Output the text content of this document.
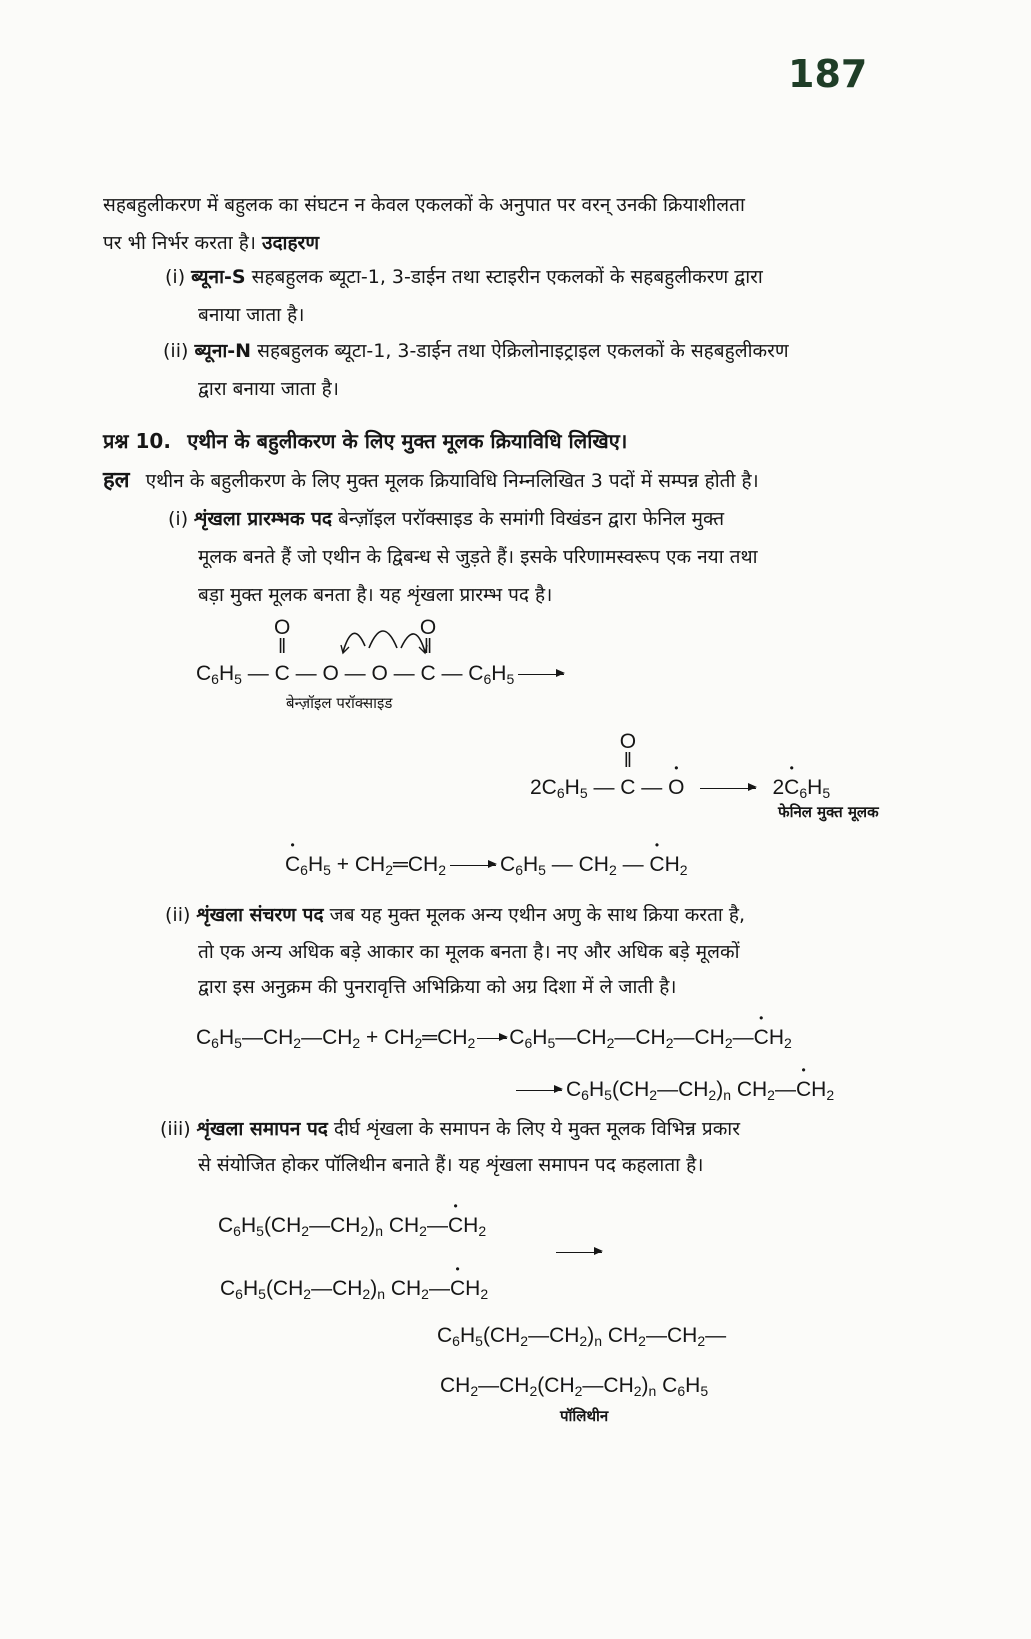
187
सहबहुलीकरण में बहुलक का संघटन न केवल एकलकों के अनुपात पर वरन् उनकी क्रियाशीलता
पर भी निर्भर करता है। उदाहरण
(i) ब्यूना-S सहबहुलक ब्यूटा-1, 3-डाईन तथा स्टाइरीन एकलकों के सहबहुलीकरण द्वारा
बनाया जाता है।
(ii) ब्यूना-N सहबहुलक ब्यूटा-1, 3-डाईन तथा ऐक्रिलोनाइट्राइल एकलकों के सहबहुलीकरण
द्वारा बनाया जाता है।
प्रश्न 10. एथीन के बहुलीकरण के लिए मुक्त मूलक क्रियाविधि लिखिए।
हल एथीन के बहुलीकरण के लिए मुक्त मूलक क्रियाविधि निम्नलिखित 3 पदों में सम्पन्न होती है।
(i) शृंखला प्रारम्भक पद बेन्ज़ॉइल परॉक्साइड के समांगी विखंडन द्वारा फेनिल मुक्त
मूलक बनते हैं जो एथीन के द्विबन्ध से जुड़ते हैं। इसके परिणामस्वरूप एक नया तथा
बड़ा मुक्त मूलक बनता है। यह शृंखला प्रारम्भ पद है।
$C_6H_5$ — O C ‖ — O — O — O C ‖ — $C_6H_5$ →
बेन्ज़ॉइल परॉक्साइड
$2C_6H_5$ — O C ‖ — • O → 2• $C_6H_5$
फेनिल मुक्त मूलक
• $C_6H_5$ + $CH_2═CH_2 \to C_6H_5$ — $CH_2$ — • $CH_2$
(ii) शृंखला संचरण पद जब यह मुक्त मूलक अन्य एथीन अणु के साथ क्रिया करता है,
तो एक अन्य अधिक बड़े आकार का मूलक बनता है। नए और अधिक बड़े मूलकों
द्वारा इस अनुक्रम की पुनरावृत्ति अभिक्रिया को अग्र दिशा में ले जाती है।
$C_6H_5—CH_2—CH_2$ + $CH_2═CH_2$ → $C_6H_5—CH_2—CH_2—CH_2—•$ $CH_2$
→ $C_6H_5(CH_2—CH_2)_n$ $CH_2—•$ $CH_2$
(iii) शृंखला समापन पद दीर्घ शृंखला के समापन के लिए ये मुक्त मूलक विभिन्न प्रकार
से संयोजित होकर पॉलिथीन बनाते हैं। यह शृंखला समापन पद कहलाता है।
$C_6H_5(CH_2—CH_2)_n$ $CH_2—•$ $CH_2$
$C_6H_5(CH_2—CH_2)_n$ $CH_2—•$ $CH_2$
$C_6H_5(CH_2—CH_2)_n$ $CH_2—CH_2—$
$CH_2—CH_2(CH_2—CH_2)_n$ $C_6H_5$
पॉलिथीन
